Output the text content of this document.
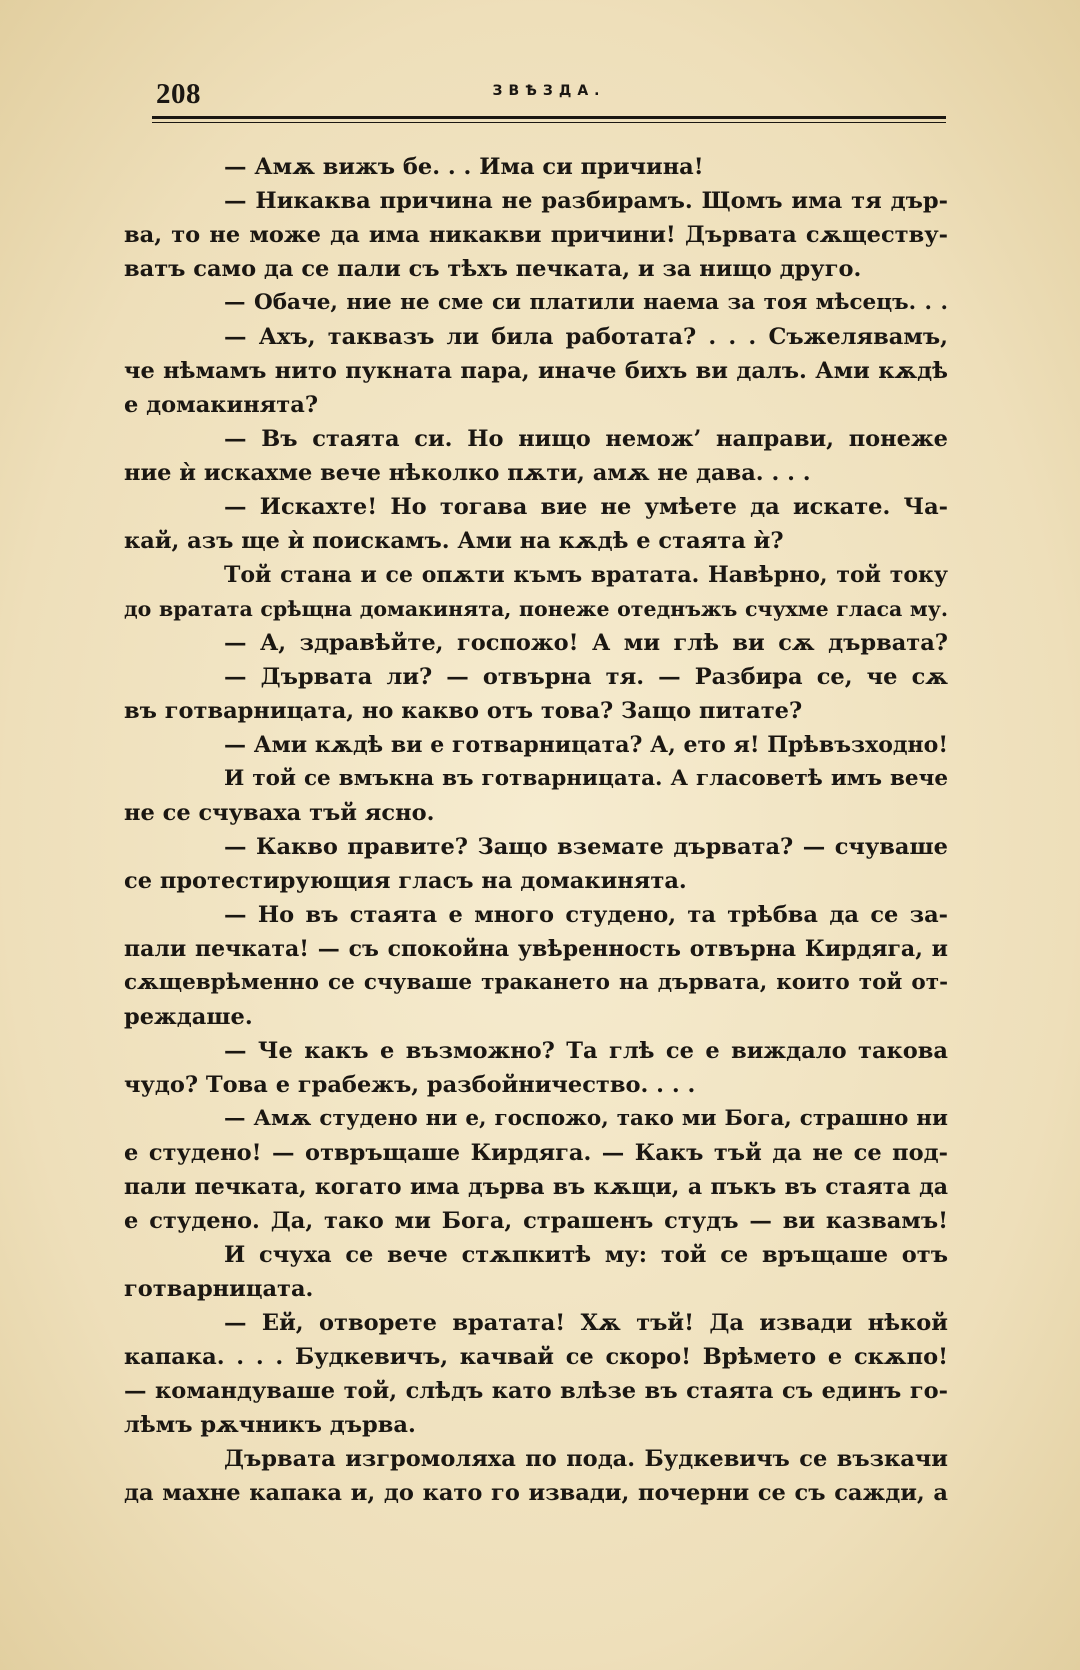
208	ЗВѢЗДА.
— Амѫ вижъ бе. . . Има си причина!
— Никаква причина не разбирамъ. Щомъ има тя дър-
ва, то не може да има никакви причини! Дървата сѫществу-
ватъ само да се пали съ тѣхъ печката, и за нищо друго.
— Обаче, ние не сме си платили наема за тоя мѣсецъ. . .
— Ахъ, таквазъ ли била работата? . . . Съжелявамъ,
че нѣмамъ нито пукната пара, иначе бихъ ви далъ. Ами кѫдѣ
е домакинята?
— Въ стаята си. Но нищо немож’ направи, понеже
ние ѝ искахме вече нѣколко пѫти, амѫ не дава. . . .
— Искахте! Но тогава вие не умѣете да искате. Ча-
кай, азъ ще ѝ поискамъ. Ами на кѫдѣ е стаята ѝ?
Той стана и се опѫти къмъ вратата. Навѣрно, той току
до вратата срѣщна домакинята, понеже отеднъжъ счухме гласа му.
— А, здравѣйте, госпожо! А ми глѣ ви сѫ дървата?
— Дървата ли? — отвърна тя. — Разбира се, че сѫ
въ готварницата, но какво отъ това? Защо питате?
— Ами кѫдѣ ви е готварницата? А, ето я! Прѣвъзходно!
И той се вмъкна въ готварницата. А гласоветѣ имъ вече
не се счуваха тъй ясно.
— Какво правите? Защо вземате дървата? — счуваше
се протестирующия гласъ на домакинята.
— Но въ стаята е много студено, та трѣбва да се за-
пали печката! — съ спокойна увѣренность отвърна Кирдяга, и
сѫщеврѣменно се счуваше тракането на дървата, които той от-
реждаше.
— Че какъ е възможно? Та глѣ се е виждало такова
чудо? Това е грабежъ, разбойничество. . . .
— Амѫ студено ни е, госпожо, тако ми Бога, страшно ни
е студено! — отвръщаше Кирдяга. — Какъ тъй да не се под-
пали печката, когато има дърва въ кѫщи, а пъкъ въ стаята да
е студено. Да, тако ми Бога, страшенъ студъ — ви казвамъ!
И счуха се вече стѫпкитѣ му: той се връщаше отъ
готварницата.
— Ей, отворете вратата! Хѫ тъй! Да извади нѣкой
капака. . . . Будкевичъ, качвай се скоро! Врѣмето е скѫпо!
— командуваше той, слѣдъ като влѣзе въ стаята съ единъ го-
лѣмъ рѫчникъ дърва.
Дървата изгромоляха по пода. Будкевичъ се възкачи
да махне капака и, до като го извади, почерни се съ сажди, а
